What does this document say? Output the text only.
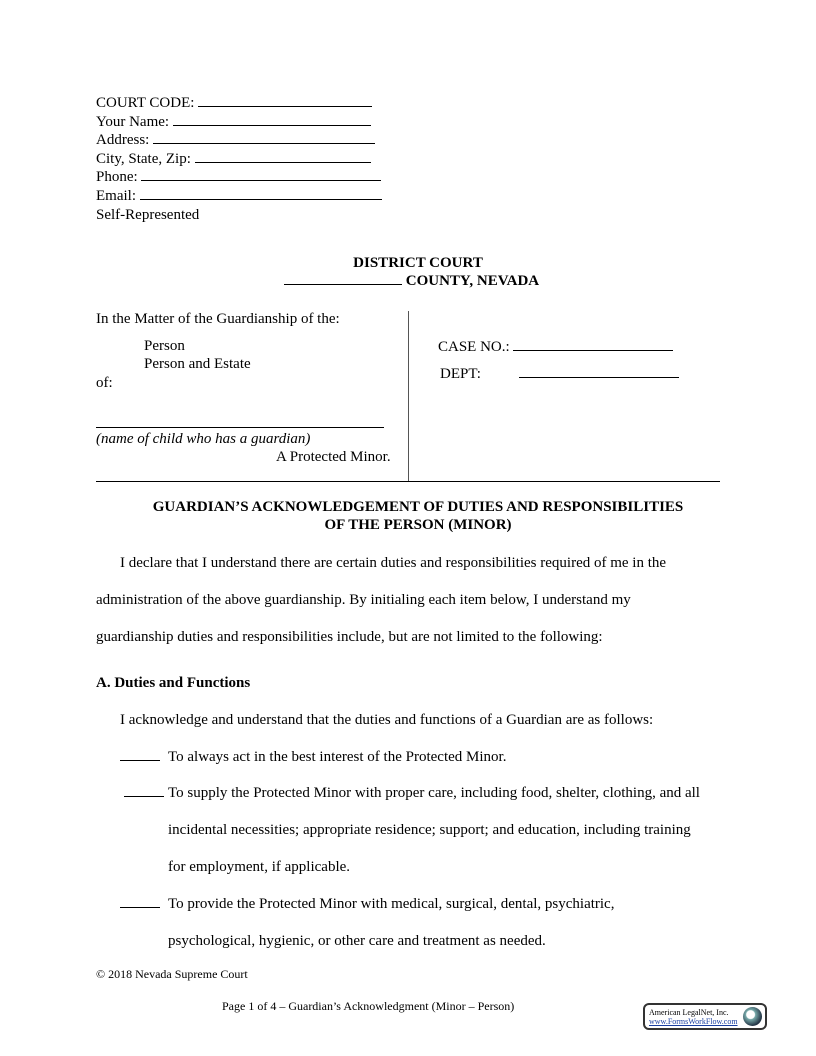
COURT CODE:
Your Name:
Address:
City, State, Zip:
Phone:
Email:
Self-Represented
DISTRICT COURT
COUNTY, NEVADA
In the Matter of the Guardianship of the:
Person
Person and Estate
of:
(name of child who has a guardian)
A Protected Minor.
CASE NO.:
DEPT:
GUARDIAN’S ACKNOWLEDGEMENT OF DUTIES AND RESPONSIBILITIES
OF THE PERSON (MINOR)
I declare that I understand there are certain duties and responsibilities required of me in the
administration of the above guardianship. By initialing each item below, I understand my
guardianship duties and responsibilities include, but are not limited to the following:
A. Duties and Functions
I acknowledge and understand that the duties and functions of a Guardian are as follows:
To always act in the best interest of the Protected Minor.
To supply the Protected Minor with proper care, including food, shelter, clothing, and all
incidental necessities; appropriate residence; support; and education, including training
for employment, if applicable.
To provide the Protected Minor with medical, surgical, dental, psychiatric,
psychological, hygienic, or other care and treatment as needed.
© 2018 Nevada Supreme Court
Page 1 of 4 – Guardian’s Acknowledgment (Minor – Person)	American LegalNet, Inc.
www.FormsWorkFlow.com
